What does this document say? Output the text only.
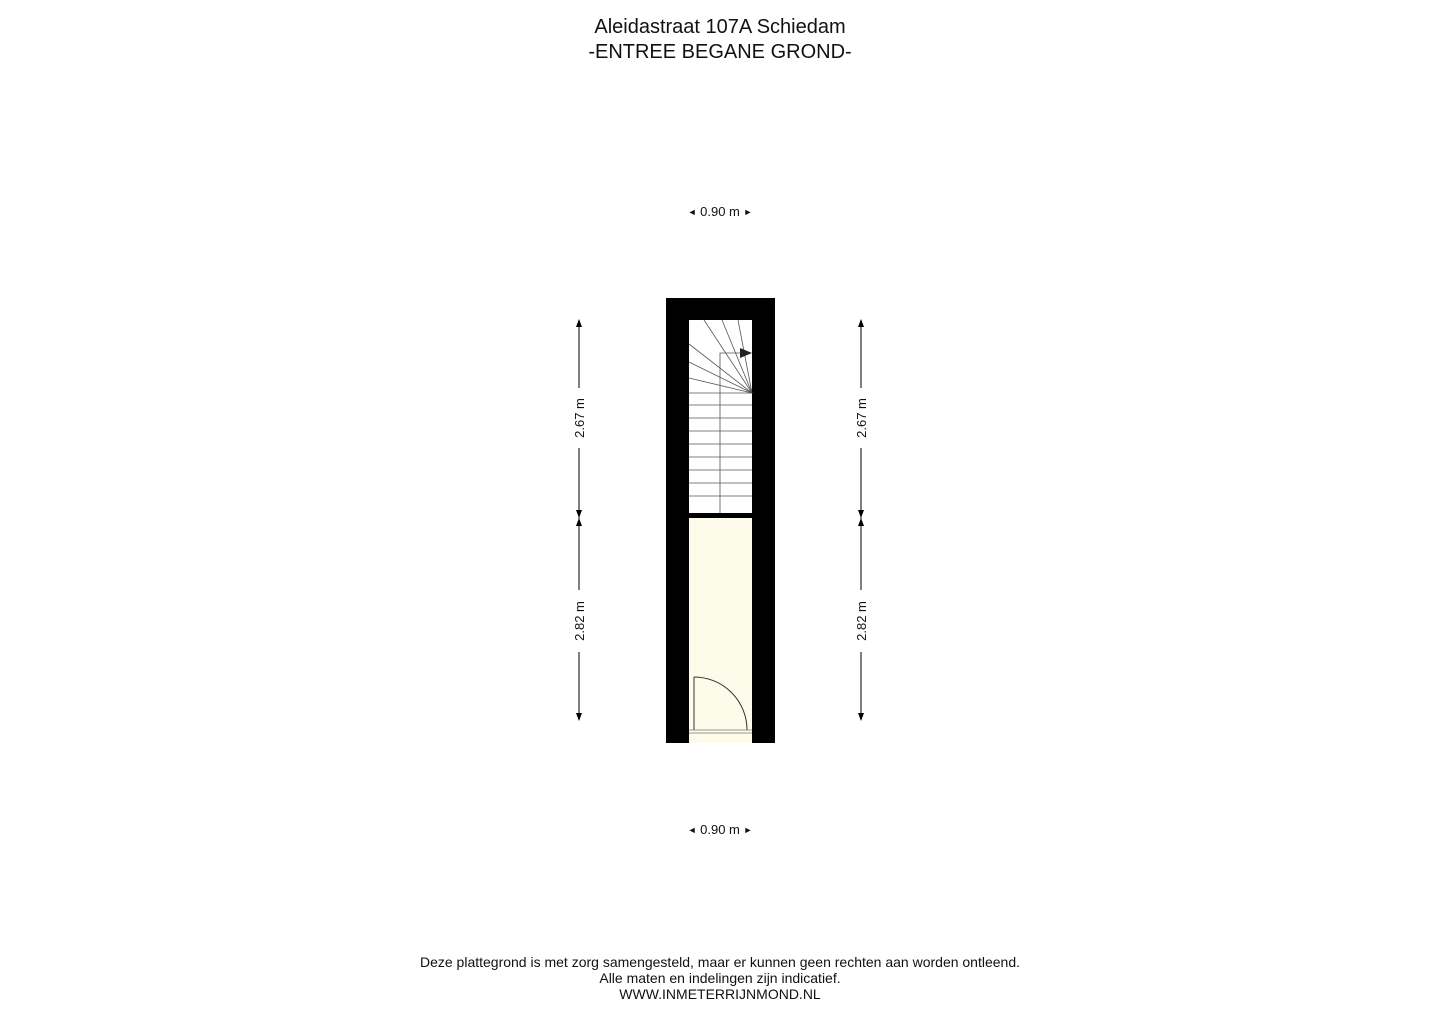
Aleidastraat 107A Schiedam
-ENTREE BEGANE GROND-
◄ 0.90 m ►
2.67 m
2.82 m
2.67 m
2.82 m
◄ 0.90 m ►
Deze plattegrond is met zorg samengesteld, maar er kunnen geen rechten aan worden ontleend.
Alle maten en indelingen zijn indicatief.
WWW.INMETERRIJNMOND.NL
